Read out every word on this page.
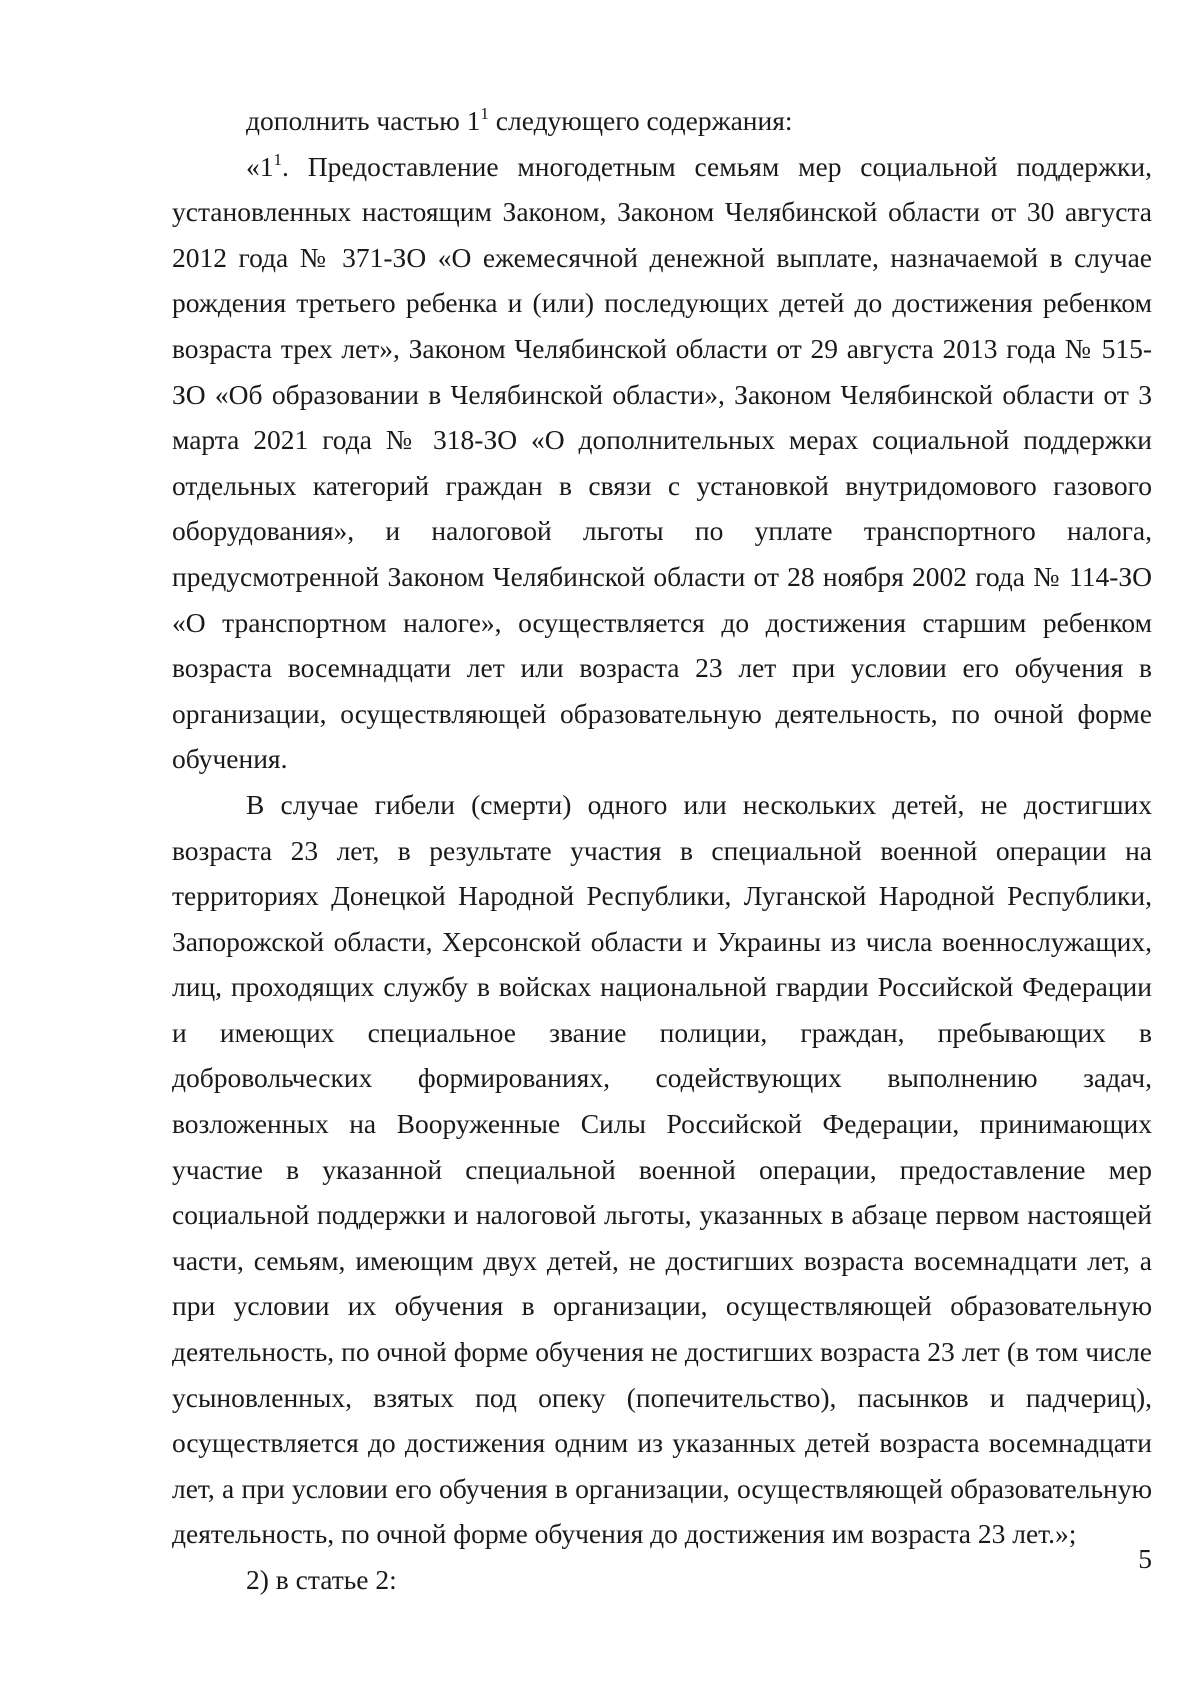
дополнить частью $1^1$ следующего содержания:

«$1^1$. Предоставление многодетным семьям мер социальной поддержки, установленных настоящим Законом, Законом Челябинской области от 30 августа 2012 года № 371-ЗО «О ежемесячной денежной выплате, назначаемой в случае рождения третьего ребенка и (или) последующих детей до достижения ребенком возраста трех лет», Законом Челябинской области от 29 августа 2013 года № 515-ЗО «Об образовании в Челябинской области», Законом Челябинской области от 3 марта 2021 года № 318-ЗО «О дополнительных мерах социальной поддержки отдельных категорий граждан в связи с установкой внутридомового газового оборудования», и налоговой льготы по уплате транспортного налога, предусмотренной Законом Челябинской области от 28 ноября 2002 года № 114-ЗО «О транспортном налоге», осуществляется до достижения старшим ребенком возраста восемнадцати лет или возраста 23 лет при условии его обучения в организации, осуществляющей образовательную деятельность, по очной форме обучения.

В случае гибели (смерти) одного или нескольких детей, не достигших возраста 23 лет, в результате участия в специальной военной операции на территориях Донецкой Народной Республики, Луганской Народной Республики, Запорожской области, Херсонской области и Украины из числа военнослужащих, лиц, проходящих службу в войсках национальной гвардии Российской Федерации и имеющих специальное звание полиции, граждан, пребывающих в добровольческих формированиях, содействующих выполнению задач, возложенных на Вооруженные Силы Российской Федерации, принимающих участие в указанной специальной военной операции, предоставление мер социальной поддержки и налоговой льготы, указанных в абзаце первом настоящей части, семьям, имеющим двух детей, не достигших возраста восемнадцати лет, а при условии их обучения в организации, осуществляющей образовательную деятельность, по очной форме обучения не достигших возраста 23 лет (в том числе усыновленных, взятых под опеку (попечительство), пасынков и падчериц), осуществляется до достижения одним из указанных детей возраста восемнадцати лет, а при условии его обучения в организации, осуществляющей образовательную деятельность, по очной форме обучения до достижения им возраста 23 лет.»;

2) в статье 2:

5
